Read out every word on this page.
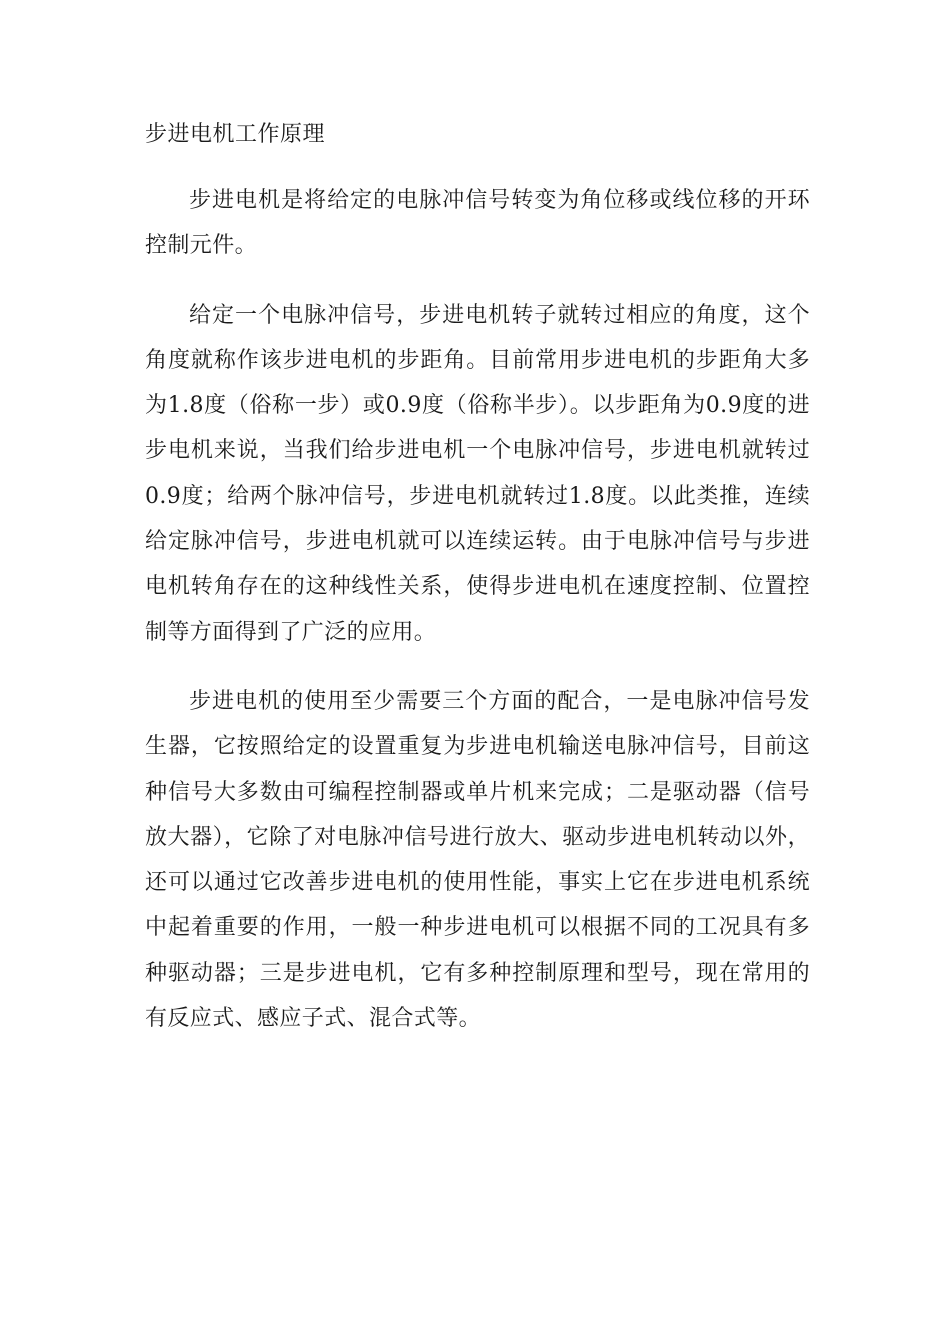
步进电机工作原理

步进电机是将给定的电脉冲信号转变为角位移或线位移的开环控制元件。

给定一个电脉冲信号，步进电机转子就转过相应的角度，这个角度就称作该步进电机的步距角。目前常用步进电机的步距角大多为1.8度（俗称一步）或0.9度（俗称半步）。以步距角为0.9度的进步电机来说，当我们给步进电机一个电脉冲信号，步进电机就转过0.9度；给两个脉冲信号，步进电机就转过1.8度。以此类推，连续给定脉冲信号，步进电机就可以连续运转。由于电脉冲信号与步进电机转角存在的这种线性关系，使得步进电机在速度控制、位置控制等方面得到了广泛的应用。

步进电机的使用至少需要三个方面的配合，一是电脉冲信号发生器，它按照给定的设置重复为步进电机输送电脉冲信号，目前这种信号大多数由可编程控制器或单片机来完成；二是驱动器（信号放大器），它除了对电脉冲信号进行放大、驱动步进电机转动以外，还可以通过它改善步进电机的使用性能，事实上它在步进电机系统中起着重要的作用，一般一种步进电机可以根据不同的工况具有多种驱动器；三是步进电机，它有多种控制原理和型号，现在常用的有反应式、感应子式、混合式等。
